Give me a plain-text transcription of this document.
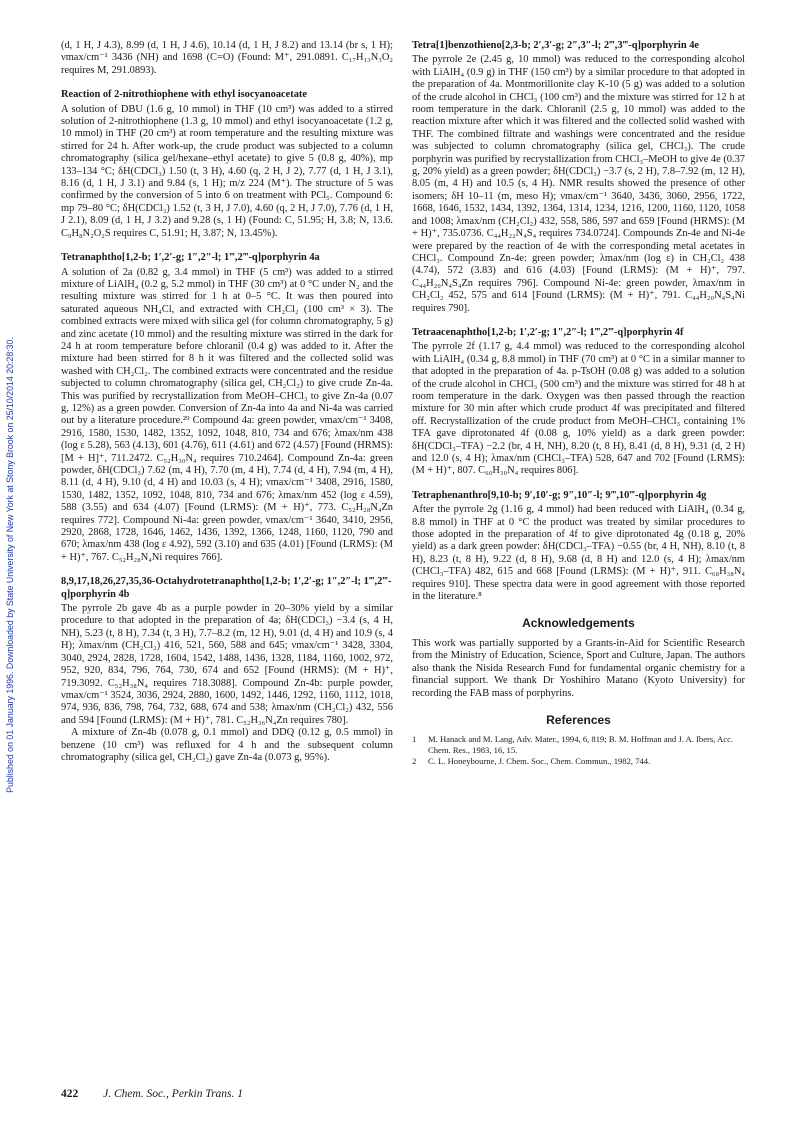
Published on 01 January 1996. Downloaded by State University of New York at Stony Brook on 25/10/2014 20:28:30.

(d, 1 H, J 4.3), 8.99 (d, 1 H, J 4.6), 10.14 (d, 1 H, J 8.2) and 13.14 (br s, 1 H); νmax/cm⁻¹ 3436 (NH) and 1698 (C=O) (Found: M⁺, 291.0891. C₁₇H₁₃N₃O₂ requires M, 291.0893).

Reaction of 2-nitrothiophene with ethyl isocyanoacetate

A solution of DBU (1.6 g, 10 mmol) in THF (10 cm³) was added to a stirred solution of 2-nitrothiophene (1.3 g, 10 mmol) and ethyl isocyanoacetate (1.2 g, 10 mmol) in THF (20 cm³) at room temperature and the resulting mixture was stirred for 24 h. After work-up, the crude product was subjected to a column chromatography (silica gel/hexane–ethyl acetate) to give 5 (0.8 g, 40%), mp 133–134 °C; δH(CDCl₃) 1.50 (t, 3 H), 4.60 (q, 2 H, J 2), 7.77 (d, 1 H, J 3.1), 8.16 (d, 1 H, J 3.1) and 9.84 (s, 1 H); m/z 224 (M⁺). The structure of 5 was confirmed by the conversion of 5 into 6 on treatment with PCl₅. Compound 6: mp 79–80 °C; δH(CDCl₃) 1.52 (t, 3 H, J 7.0), 4.60 (q, 2 H, J 7.0), 7.76 (d, 1 H, J 2.1), 8.09 (d, 1 H, J 3.2) and 9.28 (s, 1 H) (Found: C, 51.95; H, 3.8; N, 13.6. C₉H₈N₂O₂S requires C, 51.91; H, 3.87; N, 13.45%).

Tetranaphtho[1,2-b; 1′,2′-g; 1″,2″-l; 1‴,2‴-q]porphyrin 4a

A solution of 2a (0.82 g, 3.4 mmol) in THF (5 cm³) was added to a stirred mixture of LiAlH₄ (0.2 g, 5.2 mmol) in THF (30 cm³) at 0 °C under N₂ and the resulting mixture was stirred for 1 h at 0–5 °C. It was then poured into saturated aqueous NH₄Cl, and extracted with CH₂Cl₂ (100 cm³ × 3). The combined extracts were mixed with silica gel (for column chromatography, 5 g) and zinc acetate (10 mmol) and the resulting mixture was stirred in the dark for 24 h at room temperature before chloranil (0.4 g) was added to it. After the mixture had been stirred for 8 h it was filtered and the collected solid was washed with CH₂Cl₂. The combined extracts were concentrated and the residue subjected to column chromatography (silica gel, CH₂Cl₂) to give crude Zn-4a. This was purified by recrystallization from MeOH–CHCl₃ to give Zn-4a (0.07 g, 12%) as a green powder. Conversion of Zn-4a into 4a and Ni-4a was carried out by a literature procedure.²⁹ Compound 4a: green powder, νmax/cm⁻¹ 3408, 2916, 1580, 1530, 1482, 1352, 1092, 1048, 810, 734 and 676; λmax/nm 438 (log ε 5.28), 563 (4.13), 601 (4.76), 611 (4.61) and 672 (4.57) [Found (HRMS): [M + H]⁺, 711.2472. C₅₂H₃₀N₄ requires 710.2464]. Compound Zn-4a: green powder, δH(CDCl₃) 7.62 (m, 4 H), 7.70 (m, 4 H), 7.74 (d, 4 H), 7.94 (m, 4 H), 8.11 (d, 4 H), 9.10 (d, 4 H) and 10.03 (s, 4 H); νmax/cm⁻¹ 3408, 2916, 1580, 1530, 1482, 1352, 1092, 1048, 810, 734 and 676; λmax/nm 452 (log ε 4.59), 588 (3.55) and 634 (4.07) [Found (LRMS): (M + H)⁺, 773. C₅₂H₂₈N₄Zn requires 772]. Compound Ni-4a: green powder, νmax/cm⁻¹ 3640, 3410, 2956, 2920, 2868, 1728, 1646, 1462, 1436, 1392, 1366, 1248, 1160, 1120, 790 and 670; λmax/nm 438 (log ε 4.92), 592 (3.10) and 635 (4.01) [Found (LRMS): (M + H)⁺, 767. C₅₂H₂₈N₄Ni requires 766].

8,9,17,18,26,27,35,36-Octahydrotetranaphtho[1,2-b; 1′,2′-g; 1″,2″-l; 1‴,2‴-q]porphyrin 4b

The pyrrole 2b gave 4b as a purple powder in 20–30% yield by a similar procedure to that adopted in the preparation of 4a; δH(CDCl₃) −3.4 (s, 4 H, NH), 5.23 (t, 8 H), 7.34 (t, 3 H), 7.7–8.2 (m, 12 H), 9.01 (d, 4 H) and 10.9 (s, 4 H); λmax/nm (CH₂Cl₂) 416, 521, 560, 588 and 645; νmax/cm⁻¹ 3428, 3304, 3040, 2924, 2828, 1728, 1604, 1542, 1488, 1436, 1328, 1184, 1160, 1002, 972, 952, 920, 834, 796, 764, 730, 674 and 652 [Found (HRMS): (M + H)⁺, 719.3092. C₅₂H₃₈N₄ requires 718.3088]. Compound Zn-4b: purple powder, νmax/cm⁻¹ 3524, 3036, 2924, 2880, 1600, 1492, 1446, 1292, 1160, 1112, 1018, 974, 936, 836, 798, 764, 732, 688, 674 and 538; λmax/nm (CH₂Cl₂) 432, 556 and 594 [Found (LRMS): (M + H)⁺, 781. C₅₂H₃₆N₄Zn requires 780].

A mixture of Zn-4b (0.078 g, 0.1 mmol) and DDQ (0.12 g, 0.5 mmol) in benzene (10 cm³) was refluxed for 4 h and the subsequent column chromatography (silica gel, CH₂Cl₂) gave Zn-4a (0.073 g, 95%).

Tetra[1]benzothieno[2,3-b; 2′,3′-g; 2″,3″-l; 2‴,3‴-q]porphyrin 4e

The pyrrole 2e (2.45 g, 10 mmol) was reduced to the corresponding alcohol with LiAlH₄ (0.9 g) in THF (150 cm³) by a similar procedure to that adopted in the preparation of 4a. Montmorillonite clay K-10 (5 g) was added to a solution of the crude alcohol in CHCl₃ (100 cm³) and the mixture was stirred for 12 h at room temperature in the dark. Chloranil (2.5 g, 10 mmol) was added to the reaction mixture after which it was filtered and the collected solid washed with THF. The combined filtrate and washings were concentrated and the residue was subjected to column chromatography (silica gel, CHCl₃). The crude porphyrin was purified by recrystallization from CHCl₃–MeOH to give 4e (0.37 g, 20% yield) as a green powder; δH(CDCl₃) −3.7 (s, 2 H), 7.8–7.92 (m, 12 H), 8.05 (m, 4 H) and 10.5 (s, 4 H). NMR results showed the presence of other isomers; δH 10–11 (m, meso H); νmax/cm⁻¹ 3640, 3436, 3060, 2956, 1722, 1668, 1646, 1532, 1434, 1392, 1364, 1314, 1234, 1216, 1200, 1160, 1120, 1058 and 1008; λmax/nm (CH₂Cl₂) 432, 558, 586, 597 and 659 [Found (HRMS): (M + H)⁺, 735.0736. C₄₄H₂₂N₄S₄ requires 734.0724]. Compounds Zn-4e and Ni-4e were prepared by the reaction of 4e with the corresponding metal acetates in CHCl₃. Compound Zn-4e: green powder; λmax/nm (log ε) in CH₂Cl₂ 438 (4.74), 572 (3.83) and 616 (4.03) [Found (LRMS): (M + H)⁺, 797. C₄₄H₂₀N₄S₄Zn requires 796]. Compound Ni-4e: green powder, λmax/nm in CH₂Cl₂ 452, 575 and 614 [Found (LRMS): (M + H)⁺, 791. C₄₄H₂₀N₄S₄Ni requires 790].

Tetraacenaphtho[1,2-b; 1′,2′-g; 1″,2″-l; 1‴,2‴-q]porphyrin 4f

The pyrrole 2f (1.17 g, 4.4 mmol) was reduced to the corresponding alcohol with LiAlH₄ (0.34 g, 8.8 mmol) in THF (70 cm³) at 0 °C in a similar manner to that adopted in the preparation of 4a. p-TsOH (0.08 g) was added to a solution of the crude alcohol in CHCl₃ (500 cm³) and the mixture was stirred for 48 h at room temperature in the dark. Oxygen was then passed through the reaction mixture for 30 min after which crude product 4f was precipitated and filtered off. Recrystallization of the crude product from MeOH–CHCl₃ containing 1% TFA gave diprotonated 4f (0.08 g, 10% yield) as a dark green powder: δH(CDCl₃–TFA) −2.2 (br, 4 H, NH), 8.20 (t, 8 H), 8.41 (d, 8 H), 9.31 (d, 2 H) and 12.0 (s, 4 H); λmax/nm (CHCl₃–TFA) 528, 647 and 702 [Found (LRMS): (M + H)⁺, 807. C₆₀H₃₀N₄ requires 806].

Tetraphenanthro[9,10-b; 9′,10′-g; 9″,10″-l; 9‴,10‴-q]porphyrin 4g

After the pyrrole 2g (1.16 g, 4 mmol) had been reduced with LiAlH₄ (0.34 g, 8.8 mmol) in THF at 0 °C the product was treated by similar procedures to those adopted in the preparation of 4f to give diprotonated 4g (0.18 g, 20% yield) as a dark green powder: δH(CDCl₃–TFA) −0.55 (br, 4 H, NH), 8.10 (t, 8 H), 8.23 (t, 8 H), 9.22 (d, 8 H), 9.68 (d, 8 H) and 12.0 (s, 4 H); λmax/nm (CHCl₃–TFA) 482, 615 and 668 [Found (LRMS): (M + H)⁺, 911. C₆₈H₃₈N₄ requires 910]. These spectra data were in good agreement with those reported in the literature.⁸

Acknowledgements

This work was partially supported by a Grants-in-Aid for Scientific Research from the Ministry of Education, Science, Sport and Culture, Japan. The authors also thank the Nisida Research Fund for fundamental organic chemistry for a financial support. We thank Dr Yoshihiro Matano (Kyoto University) for recording the FAB mass of porphyrins.

References

1 M. Hanack and M. Lang, Adv. Mater., 1994, 6, 819; B. M. Hoffman and J. A. Ibers, Acc. Chem. Res., 1983, 16, 15.

2 C. L. Honeybourne, J. Chem. Soc., Chem. Commun., 1982, 744.

422 J. Chem. Soc., Perkin Trans. 1
